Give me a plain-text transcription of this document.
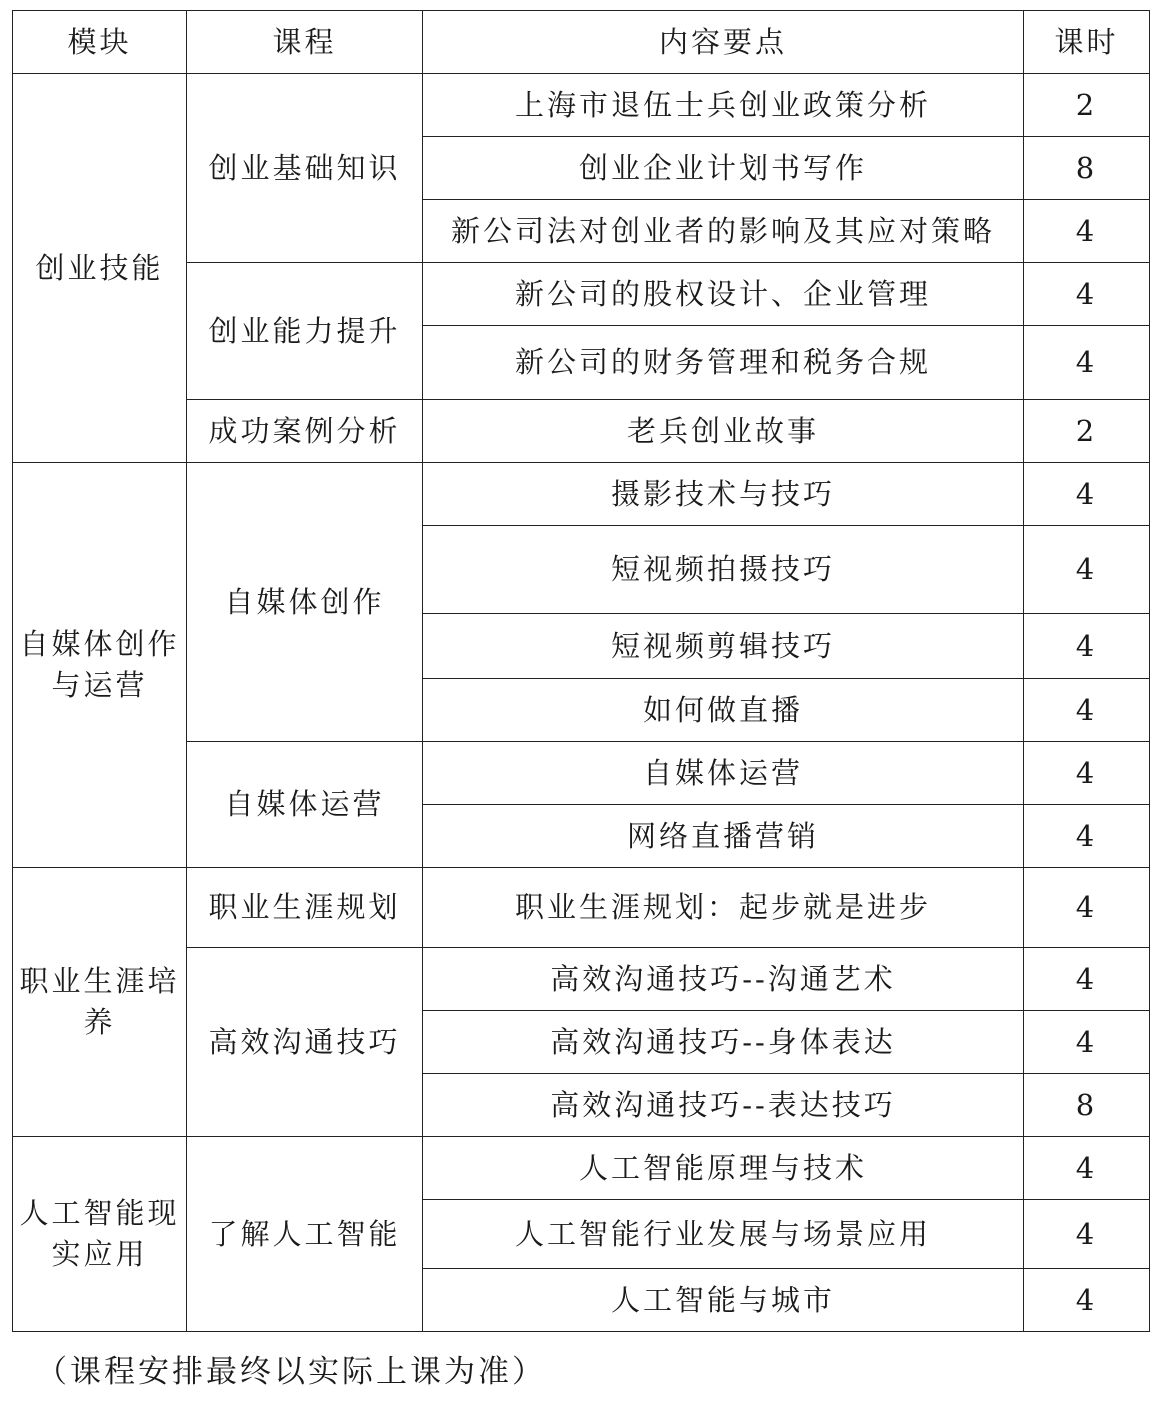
模块	课程	内容要点	课时
创业技能	创业基础知识	上海市退伍士兵创业政策分析	2
		创业企业计划书写作	8
		新公司法对创业者的影响及其应对策略	4
	创业能力提升	新公司的股权设计、企业管理	4
		新公司的财务管理和税务合规	4
	成功案例分析	老兵创业故事	2
自媒体创作与运营	自媒体创作	摄影技术与技巧	4
		短视频拍摄技巧	4
		短视频剪辑技巧	4
		如何做直播	4
	自媒体运营	自媒体运营	4
		网络直播营销	4
职业生涯培养	职业生涯规划	职业生涯规划：起步就是进步	4
	高效沟通技巧	高效沟通技巧--沟通艺术	4
		高效沟通技巧--身体表达	4
		高效沟通技巧--表达技巧	8
人工智能现实应用	了解人工智能	人工智能原理与技术	4
		人工智能行业发展与场景应用	4
		人工智能与城市	4
（课程安排最终以实际上课为准）
